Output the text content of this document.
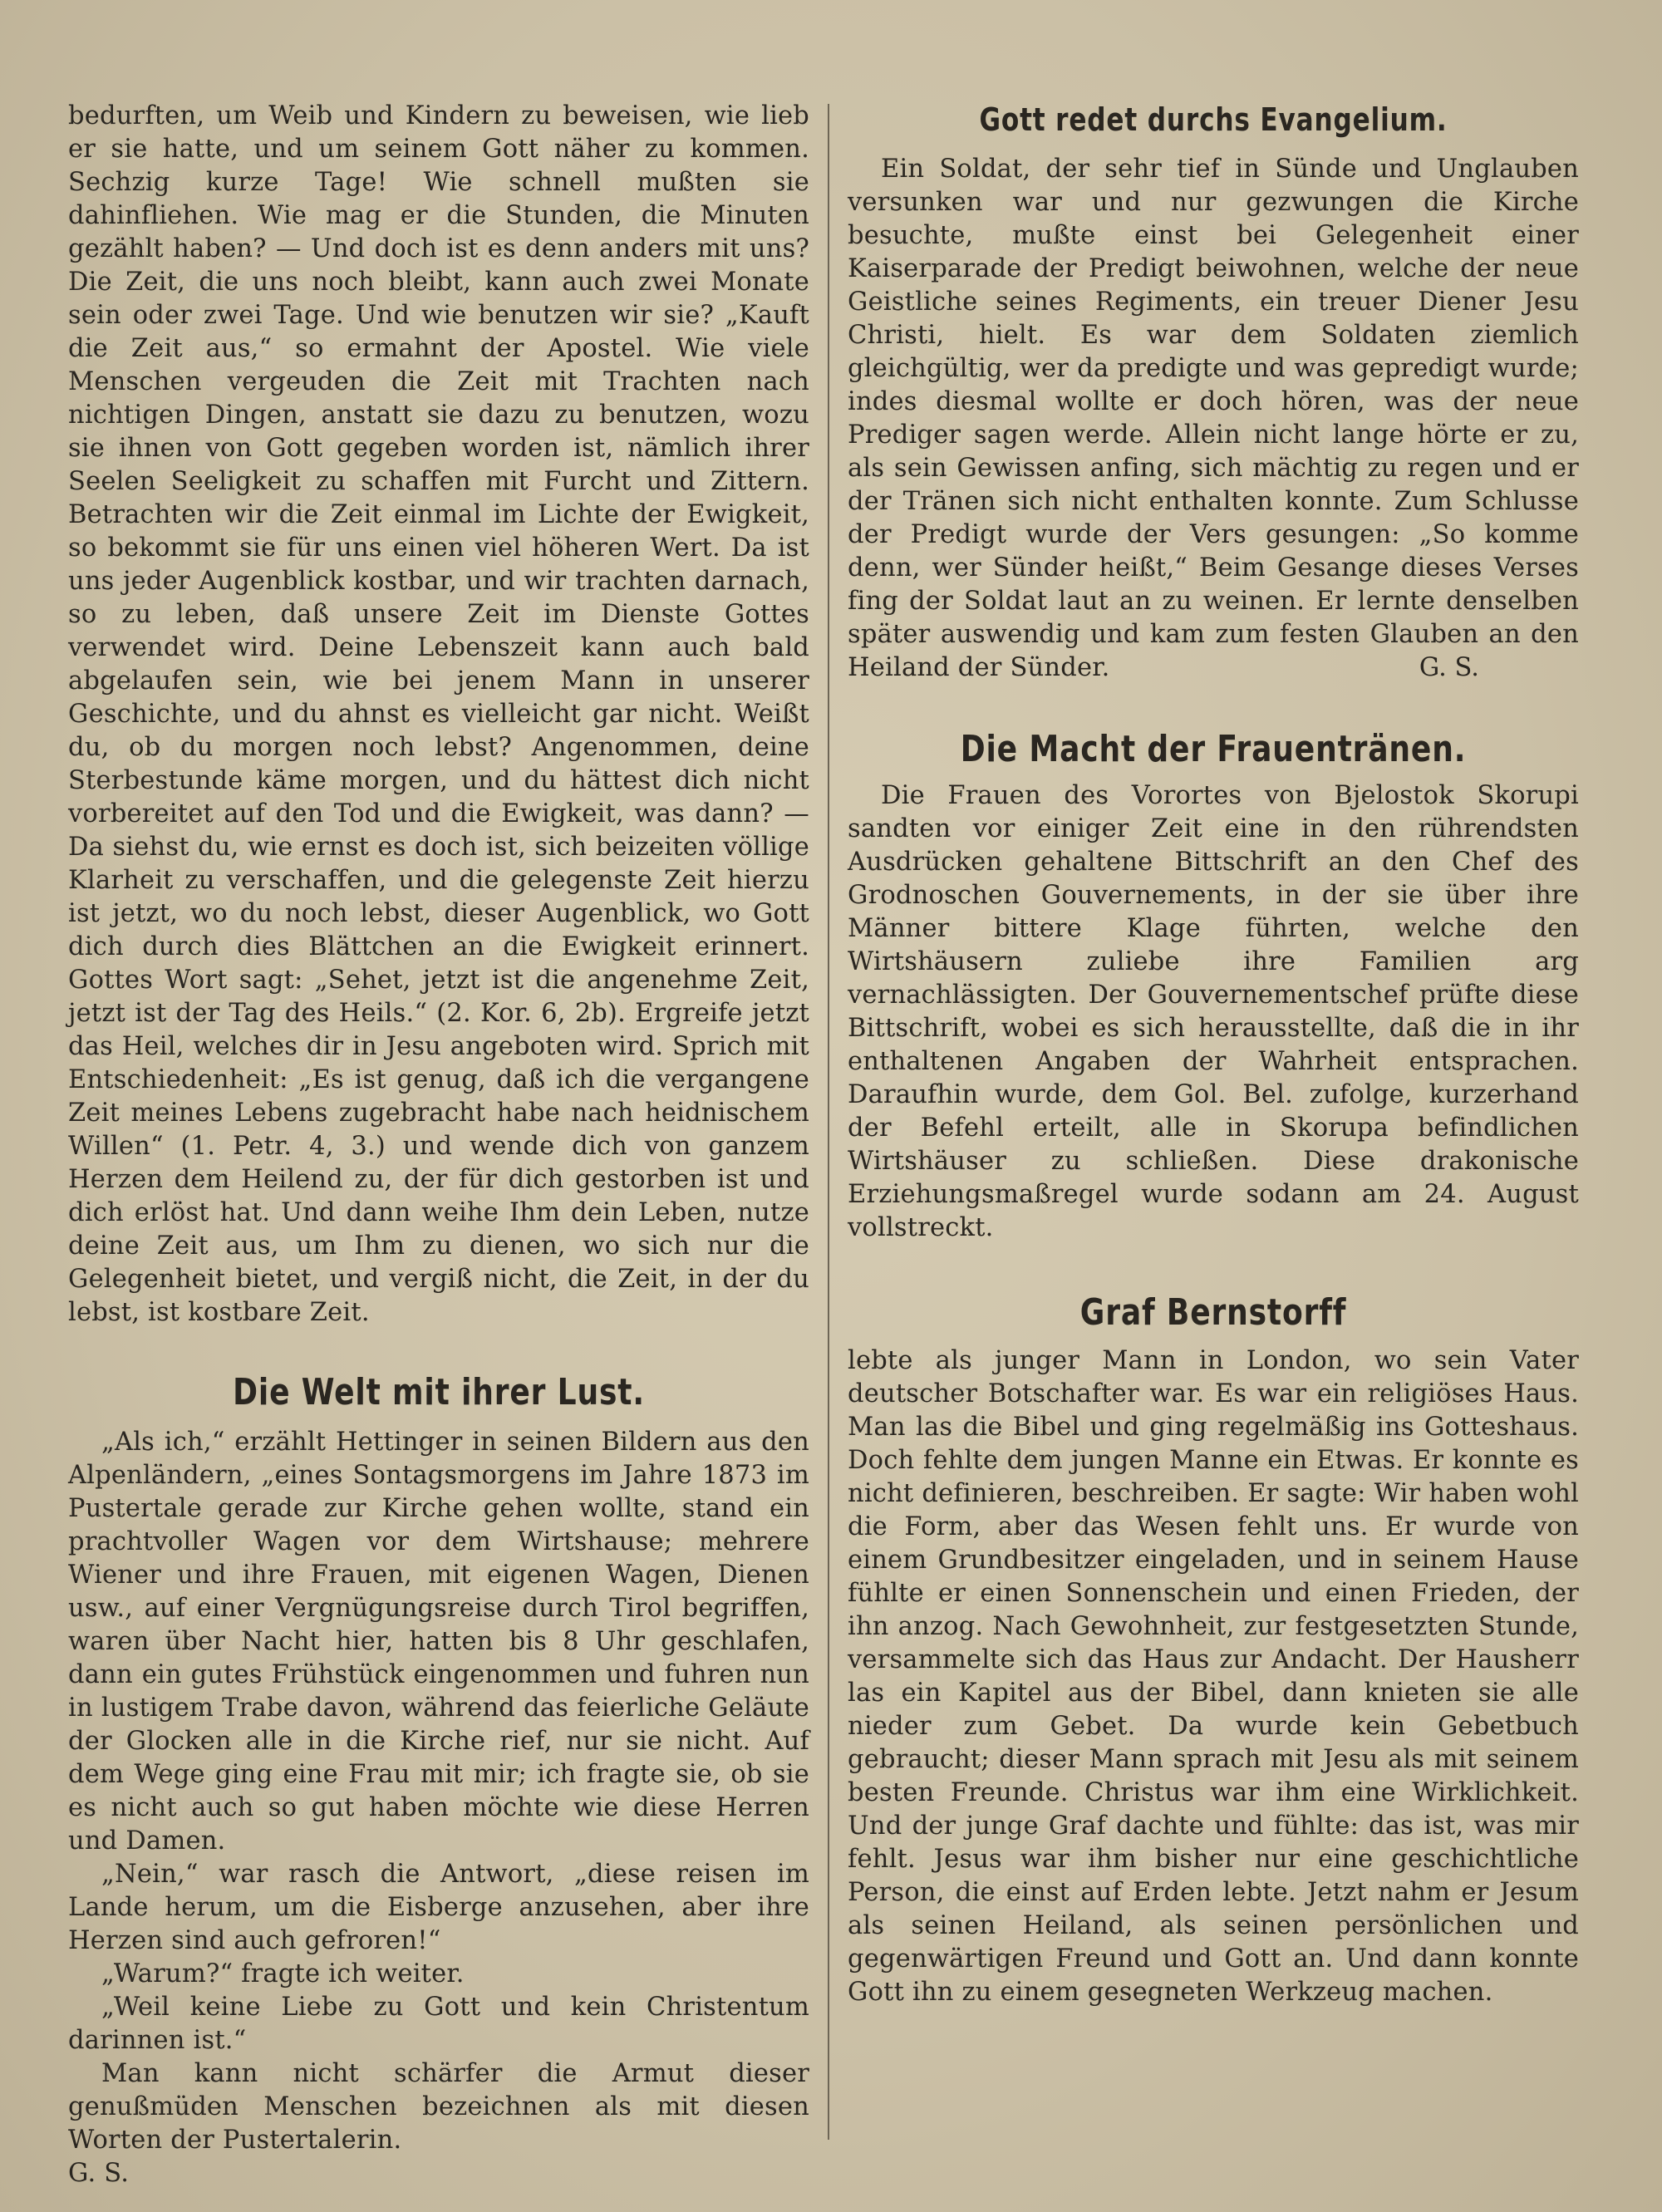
bedurften, um Weib und Kindern zu beweisen, wie lieb er sie hatte, und um seinem Gott näher zu kommen. Sechzig kurze Tage! Wie schnell mußten sie dahinfliehen. Wie mag er die Stunden, die Minuten gezählt haben? — Und doch ist es denn anders mit uns? Die Zeit, die uns noch bleibt, kann auch zwei Monate sein oder zwei Tage. Und wie benutzen wir sie? „Kauft die Zeit aus,“ so ermahnt der Apostel. Wie viele Menschen vergeuden die Zeit mit Trachten nach nichtigen Dingen, anstatt sie dazu zu benutzen, wozu sie ihnen von Gott gegeben worden ist, nämlich ihrer Seelen Seeligkeit zu schaffen mit Furcht und Zittern. Betrachten wir die Zeit einmal im Lichte der Ewigkeit, so bekommt sie für uns einen viel höheren Wert. Da ist uns jeder Augenblick kostbar, und wir trachten darnach, so zu leben, daß unsere Zeit im Dienste Gottes verwendet wird. Deine Lebenszeit kann auch bald abgelaufen sein, wie bei jenem Mann in unserer Geschichte, und du ahnst es vielleicht gar nicht. Weißt du, ob du morgen noch lebst? Angenommen, deine Sterbestunde käme morgen, und du hättest dich nicht vorbereitet auf den Tod und die Ewigkeit, was dann? — Da siehst du, wie ernst es doch ist, sich beizeiten völlige Klarheit zu verschaffen, und die gelegenste Zeit hierzu ist jetzt, wo du noch lebst, dieser Augenblick, wo Gott dich durch dies Blättchen an die Ewigkeit erinnert. Gottes Wort sagt: „Sehet, jetzt ist die angenehme Zeit, jetzt ist der Tag des Heils.“ (2. Kor. 6, 2b). Ergreife jetzt das Heil, welches dir in Jesu angeboten wird. Sprich mit Entschiedenheit: „Es ist genug, daß ich die vergangene Zeit meines Lebens zugebracht habe nach heidnischem Willen“ (1. Petr. 4, 3.) und wende dich von ganzem Herzen dem Heilend zu, der für dich gestorben ist und dich erlöst hat. Und dann weihe Ihm dein Leben, nutze deine Zeit aus, um Ihm zu dienen, wo sich nur die Gelegenheit bietet, und vergiß nicht, die Zeit, in der du lebst, ist kostbare Zeit.

Die Welt mit ihrer Lust.

„Als ich,“ erzählt Hettinger in seinen Bildern aus den Alpenländern, „eines Sontagsmorgens im Jahre 1873 im Pustertale gerade zur Kirche gehen wollte, stand ein prachtvoller Wagen vor dem Wirtshause; mehrere Wiener und ihre Frauen, mit eigenen Wagen, Dienen usw., auf einer Vergnügungsreise durch Tirol begriffen, waren über Nacht hier, hatten bis 8 Uhr geschlafen, dann ein gutes Frühstück eingenommen und fuhren nun in lustigem Trabe davon, während das feierliche Geläute der Glocken alle in die Kirche rief, nur sie nicht. Auf dem Wege ging eine Frau mit mir; ich fragte sie, ob sie es nicht auch so gut haben möchte wie diese Herren und Damen.

„Nein,“ war rasch die Antwort, „diese reisen im Lande herum, um die Eisberge anzusehen, aber ihre Herzen sind auch gefroren!“

„Warum?“ fragte ich weiter.

„Weil keine Liebe zu Gott und kein Christentum darinnen ist.“

Man kann nicht schärfer die Armut dieser genußmüden Menschen bezeichnen als mit diesen Worten der Pustertalerin.

G. S.

Gott redet durchs Evangelium.

Ein Soldat, der sehr tief in Sünde und Unglauben versunken war und nur gezwungen die Kirche besuchte, mußte einst bei Gelegenheit einer Kaiserparade der Predigt beiwohnen, welche der neue Geistliche seines Regiments, ein treuer Diener Jesu Christi, hielt. Es war dem Soldaten ziemlich gleichgültig, wer da predigte und was gepredigt wurde; indes diesmal wollte er doch hören, was der neue Prediger sagen werde. Allein nicht lange hörte er zu, als sein Gewissen anfing, sich mächtig zu regen und er der Tränen sich nicht enthalten konnte. Zum Schlusse der Predigt wurde der Vers gesungen: „So komme denn, wer Sünder heißt,“ Beim Gesange dieses Verses fing der Soldat laut an zu weinen. Er lernte denselben später auswendig und kam zum festen Glauben an den Heiland der Sünder.	G. S.
Die Macht der Frauentränen.

Die Frauen des Vorortes von Bjelostok Skorupi sandten vor einiger Zeit eine in den rührendsten Ausdrücken gehaltene Bittschrift an den Chef des Grodnoschen Gouvernements, in der sie über ihre Männer bittere Klage führten, welche den Wirtshäusern zuliebe ihre Familien arg vernachlässigten. Der Gouvernementschef prüfte diese Bittschrift, wobei es sich herausstellte, daß die in ihr enthaltenen Angaben der Wahrheit entsprachen. Daraufhin wurde, dem Gol. Bel. zufolge, kurzerhand der Befehl erteilt, alle in Skorupa befindlichen Wirtshäuser zu schließen. Diese drakonische Erziehungsmaßregel wurde sodann am 24. August vollstreckt.

Graf Bernstorff

lebte als junger Mann in London, wo sein Vater deutscher Botschafter war. Es war ein religiöses Haus. Man las die Bibel und ging regelmäßig ins Gotteshaus. Doch fehlte dem jungen Manne ein Etwas. Er konnte es nicht definieren, beschreiben. Er sagte: Wir haben wohl die Form, aber das Wesen fehlt uns. Er wurde von einem Grundbesitzer eingeladen, und in seinem Hause fühlte er einen Sonnenschein und einen Frieden, der ihn anzog. Nach Gewohnheit, zur festgesetzten Stunde, versammelte sich das Haus zur Andacht. Der Hausherr las ein Kapitel aus der Bibel, dann knieten sie alle nieder zum Gebet. Da wurde kein Gebetbuch gebraucht; dieser Mann sprach mit Jesu als mit seinem besten Freunde. Christus war ihm eine Wirklichkeit. Und der junge Graf dachte und fühlte: das ist, was mir fehlt. Jesus war ihm bisher nur eine geschichtliche Person, die einst auf Erden lebte. Jetzt nahm er Jesum als seinen Heiland, als seinen persönlichen und gegenwärtigen Freund und Gott an. Und dann konnte Gott ihn zu einem gesegneten Werkzeug machen.
